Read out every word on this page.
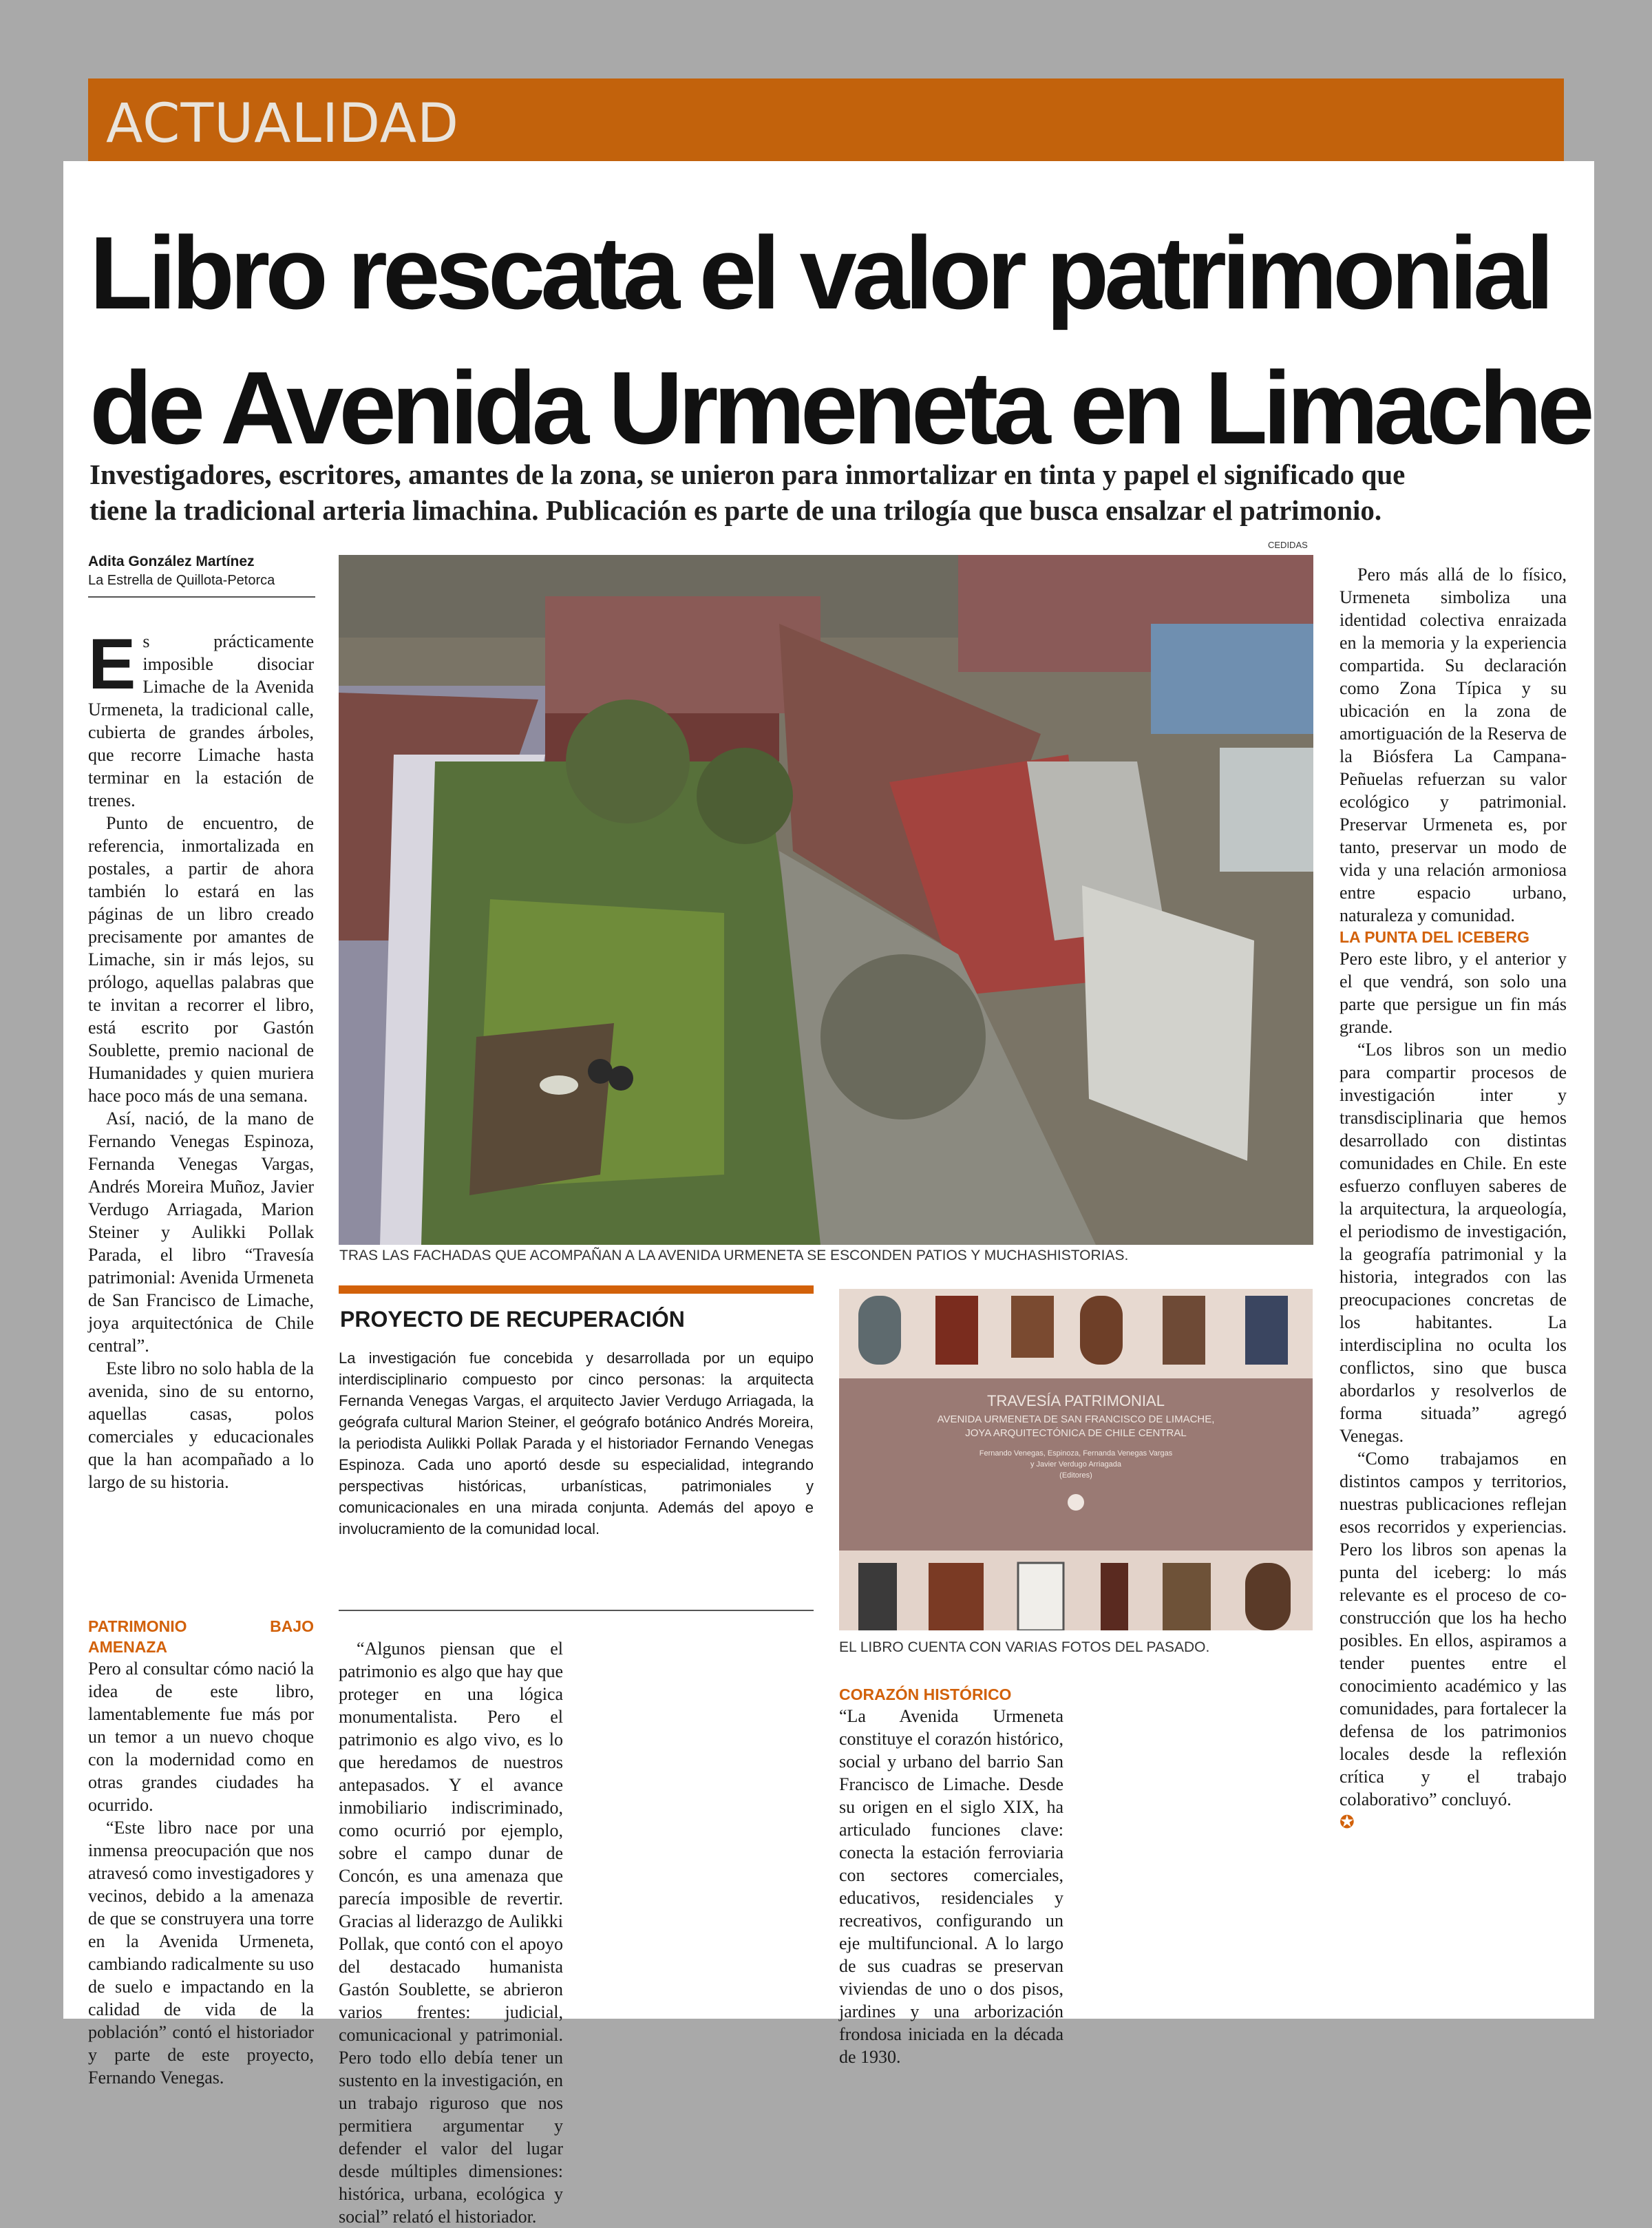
ACTUALIDAD
Libro rescata el valor patrimonial
de Avenida Urmeneta en Limache
Investigadores, escritores, amantes de la zona, se unieron para inmortalizar en tinta y papel el significado que
tiene la tradicional arteria limachina. Publicación es parte de una trilogía que busca ensalzar el patrimonio.
Adita González Martínez
La Estrella de Quillota-Petorca
CEDIDAS
TRAS LAS FACHADAS QUE ACOMPAÑAN A LA AVENIDA URMENETA SE ESCONDEN PATIOS Y MUCHASHISTORIAS.
PROYECTO DE RECUPERACIÓN
La investigación fue concebida y desarrollada por un equipo interdisciplinario compuesto por cinco personas: la arquitecta Fernanda Venegas Vargas, el arquitecto Javier Verdugo Arriagada, la geógrafa cultural Marion Steiner, el geógrafo botánico Andrés Moreira, la periodista Aulikki Pollak Parada y el historiador Fernando Venegas Espinoza. Cada uno aportó desde su especialidad, integrando perspectivas históricas, urbanísticas, patrimoniales y comunicacionales en una mirada conjunta. Además del apoyo e involucramiento de la comunidad local.
TRAVESÍA PATRIMONIAL
AVENIDA URMENETA DE SAN FRANCISCO DE LIMACHE,
JOYA ARQUITECTÓNICA DE CHILE CENTRAL
Fernando Venegas, Espinoza, Fernanda Venegas Vargas
y Javier Verdugo Arriagada
(Editores)
EL LIBRO CUENTA CON VARIAS FOTOS DEL PASADO.
E s prácticamente imposible disociar Limache de la Avenida Urmeneta, la tradicional calle, cubierta de grandes árboles, que recorre Limache hasta terminar en la estación de trenes.

Punto de encuentro, de referencia, inmortalizada en postales, a partir de ahora también lo estará en las páginas de un libro creado precisamente por amantes de Limache, sin ir más lejos, su prólogo, aquellas palabras que te invitan a recorrer el libro, está escrito por Gastón Soublette, premio nacional de Humanidades y quien muriera hace poco más de una semana.

Así, nació, de la mano de Fernando Venegas Espinoza, Fernanda Venegas Vargas, Andrés Moreira Muñoz, Javier Verdugo Arriagada, Marion Steiner y Aulikki Pollak Parada, el libro “Travesía patrimonial: Avenida Urmeneta de San Francisco de Limache, joya arquitectónica de Chile central”.

Este libro no solo habla de la avenida, sino de su entorno, aquellas casas, polos comerciales y educacionales que la han acompañado a lo largo de su historia.

PATRIMONIO BAJO AMENAZA

Pero al consultar cómo nació la idea de este libro, lamentablemente fue más por un temor a un nuevo choque con la modernidad como en otras grandes ciudades ha ocurrido.

“Este libro nace por una inmensa preocupación que nos atravesó como investigadores y vecinos, debido a la amenaza de que se construyera una torre en la Avenida Urmeneta, cambiando radicalmente su uso de suelo e impactando en la calidad de vida de la población” contó el historiador y parte de este proyecto, Fernando Venegas.

“Algunos piensan que el patrimonio es algo que hay que proteger en una lógica monumentalista. Pero el patrimonio es algo vivo, es lo que heredamos de nuestros antepasados. Y el avance inmobiliario indiscriminado, como ocurrió por ejemplo, sobre el campo dunar de Concón, es una amenaza que parecía imposible de revertir. Gracias al liderazgo de Aulikki Pollak, que contó con el apoyo del destacado humanista Gastón Soublette, se abrieron varios frentes: judicial, comunicacional y patrimonial. Pero todo ello debía tener un sustento en la investigación, en un trabajo riguroso que nos permitiera argumentar y defender el valor del lugar desde múltiples dimensiones: histórica, urbana, ecológica y social” relató el historiador.

CORAZÓN HISTÓRICO

“La Avenida Urmeneta constituye el corazón histórico, social y urbano del barrio San Francisco de Limache. Desde su origen en el siglo XIX, ha articulado funciones clave: conecta la estación ferroviaria con sectores comerciales, educativos, residenciales y recreativos, configurando un eje multifuncional. A lo largo de sus cuadras se preservan viviendas de uno o dos pisos, jardines y una arborización frondosa iniciada en la década de 1930.

Pero más allá de lo físico, Urmeneta simboliza una identidad colectiva enraizada en la memoria y la experiencia compartida. Su declaración como Zona Típica y su ubicación en la zona de amortiguación de la Reserva de la Biósfera La Campana-Peñuelas refuerzan su valor ecológico y patrimonial. Preservar Urmeneta es, por tanto, preservar un modo de vida y una relación armoniosa entre espacio urbano, naturaleza y comunidad.

LA PUNTA DEL ICEBERG

Pero este libro, y el anterior y el que vendrá, son solo una parte que persigue un fin más grande.

“Los libros son un medio para compartir procesos de investigación inter y transdisciplinaria que hemos desarrollado con distintas comunidades en Chile. En este esfuerzo confluyen saberes de la arquitectura, la arqueología, el periodismo de investigación, la geografía patrimonial y la historia, integrados con las preocupaciones concretas de los habitantes. La interdisciplina no oculta los conflictos, sino que busca abordarlos y resolverlos de forma situada” agregó Venegas.

“Como trabajamos en distintos campos y territorios, nuestras publicaciones reflejan esos recorridos y experiencias. Pero los libros son apenas la punta del iceberg: lo más relevante es el proceso de co-construcción que los ha hecho posibles. En ellos, aspiramos a tender puentes entre el conocimiento académico y las comunidades, para fortalecer la defensa de los patrimonios locales desde la reflexión crítica y el trabajo colaborativo” concluyó.

✪
